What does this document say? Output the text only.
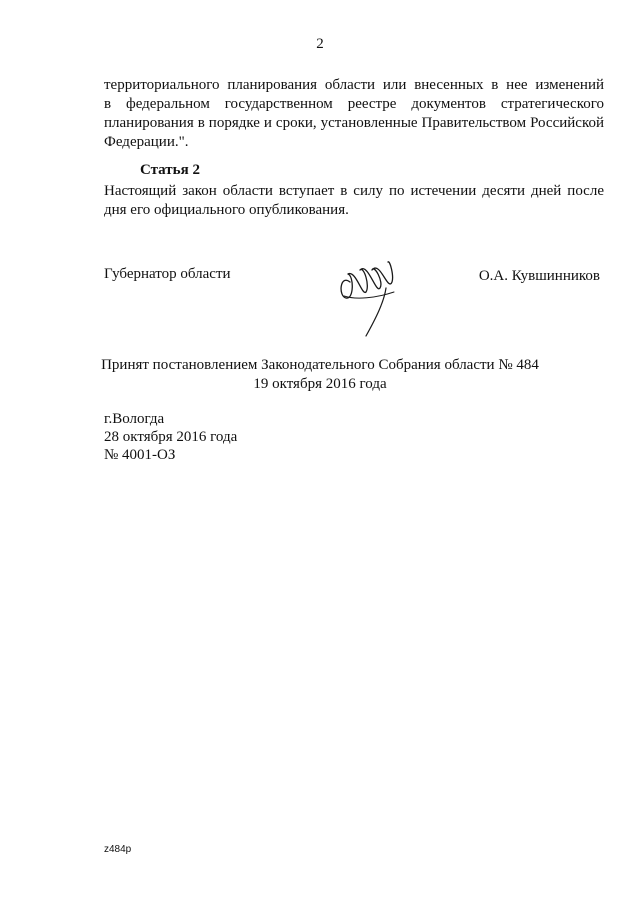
2
территориального планирования области или внесенных в нее изменений
в федеральном государственном реестре документов стратегического
планирования в порядке и сроки, установленные Правительством Российской
Федерации.".
Статья 2
Настоящий закон области вступает в силу по истечении десяти дней после
дня его официального опубликования.
Губернатор области	О.А. Кувшинников
Принят постановлением Законодательного Собрания области № 484
19 октября 2016 года
г.Вологда
28 октября 2016 года
№ 4001-ОЗ
z484p
